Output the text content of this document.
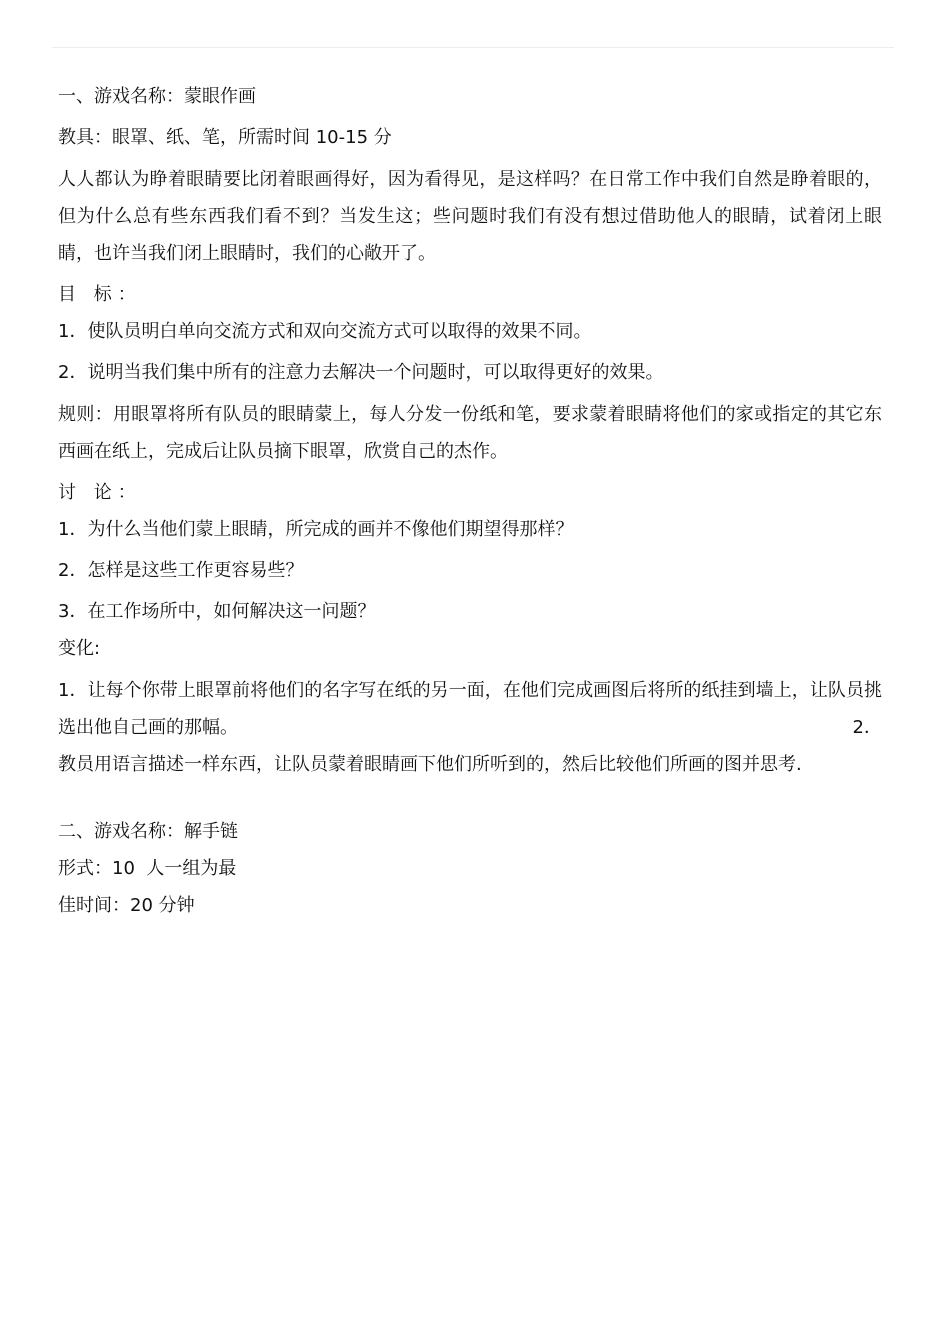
一、游戏名称：蒙眼作画
教具：眼罩、纸、笔，所需时间 10-15 分
人人都认为睁着眼睛要比闭着眼画得好，因为看得见，是这样吗？在日常工作中我们自然是睁着眼的，但为什么总有些东西我们看不到？当发生这；些问题时我们有没有想过借助他人的眼睛，试着闭上眼睛，也许当我们闭上眼睛时，我们的心敞开了。
目 标：
1．使队员明白单向交流方式和双向交流方式可以取得的效果不同。
2．说明当我们集中所有的注意力去解决一个问题时，可以取得更好的效果。
规则：用眼罩将所有队员的眼睛蒙上，每人分发一份纸和笔，要求蒙着眼睛将他们的家或指定的其它东西画在纸上，完成后让队员摘下眼罩，欣赏自己的杰作。
讨 论：
1．为什么当他们蒙上眼睛，所完成的画并不像他们期望得那样？
2．怎样是这些工作更容易些？
3．在工作场所中，如何解决这一问题？
变化:
1．让每个你带上眼罩前将他们的名字写在纸的另一面，在他们完成画图后将所的纸挂到墙上，让队员挑选出他自己画的那幅。	2．
教员用语言描述一样东西，让队员蒙着眼睛画下他们所听到的，然后比较他们所画的图并思考.
二、游戏名称：解手链
形式：10  人一组为最
佳时间：20 分钟
